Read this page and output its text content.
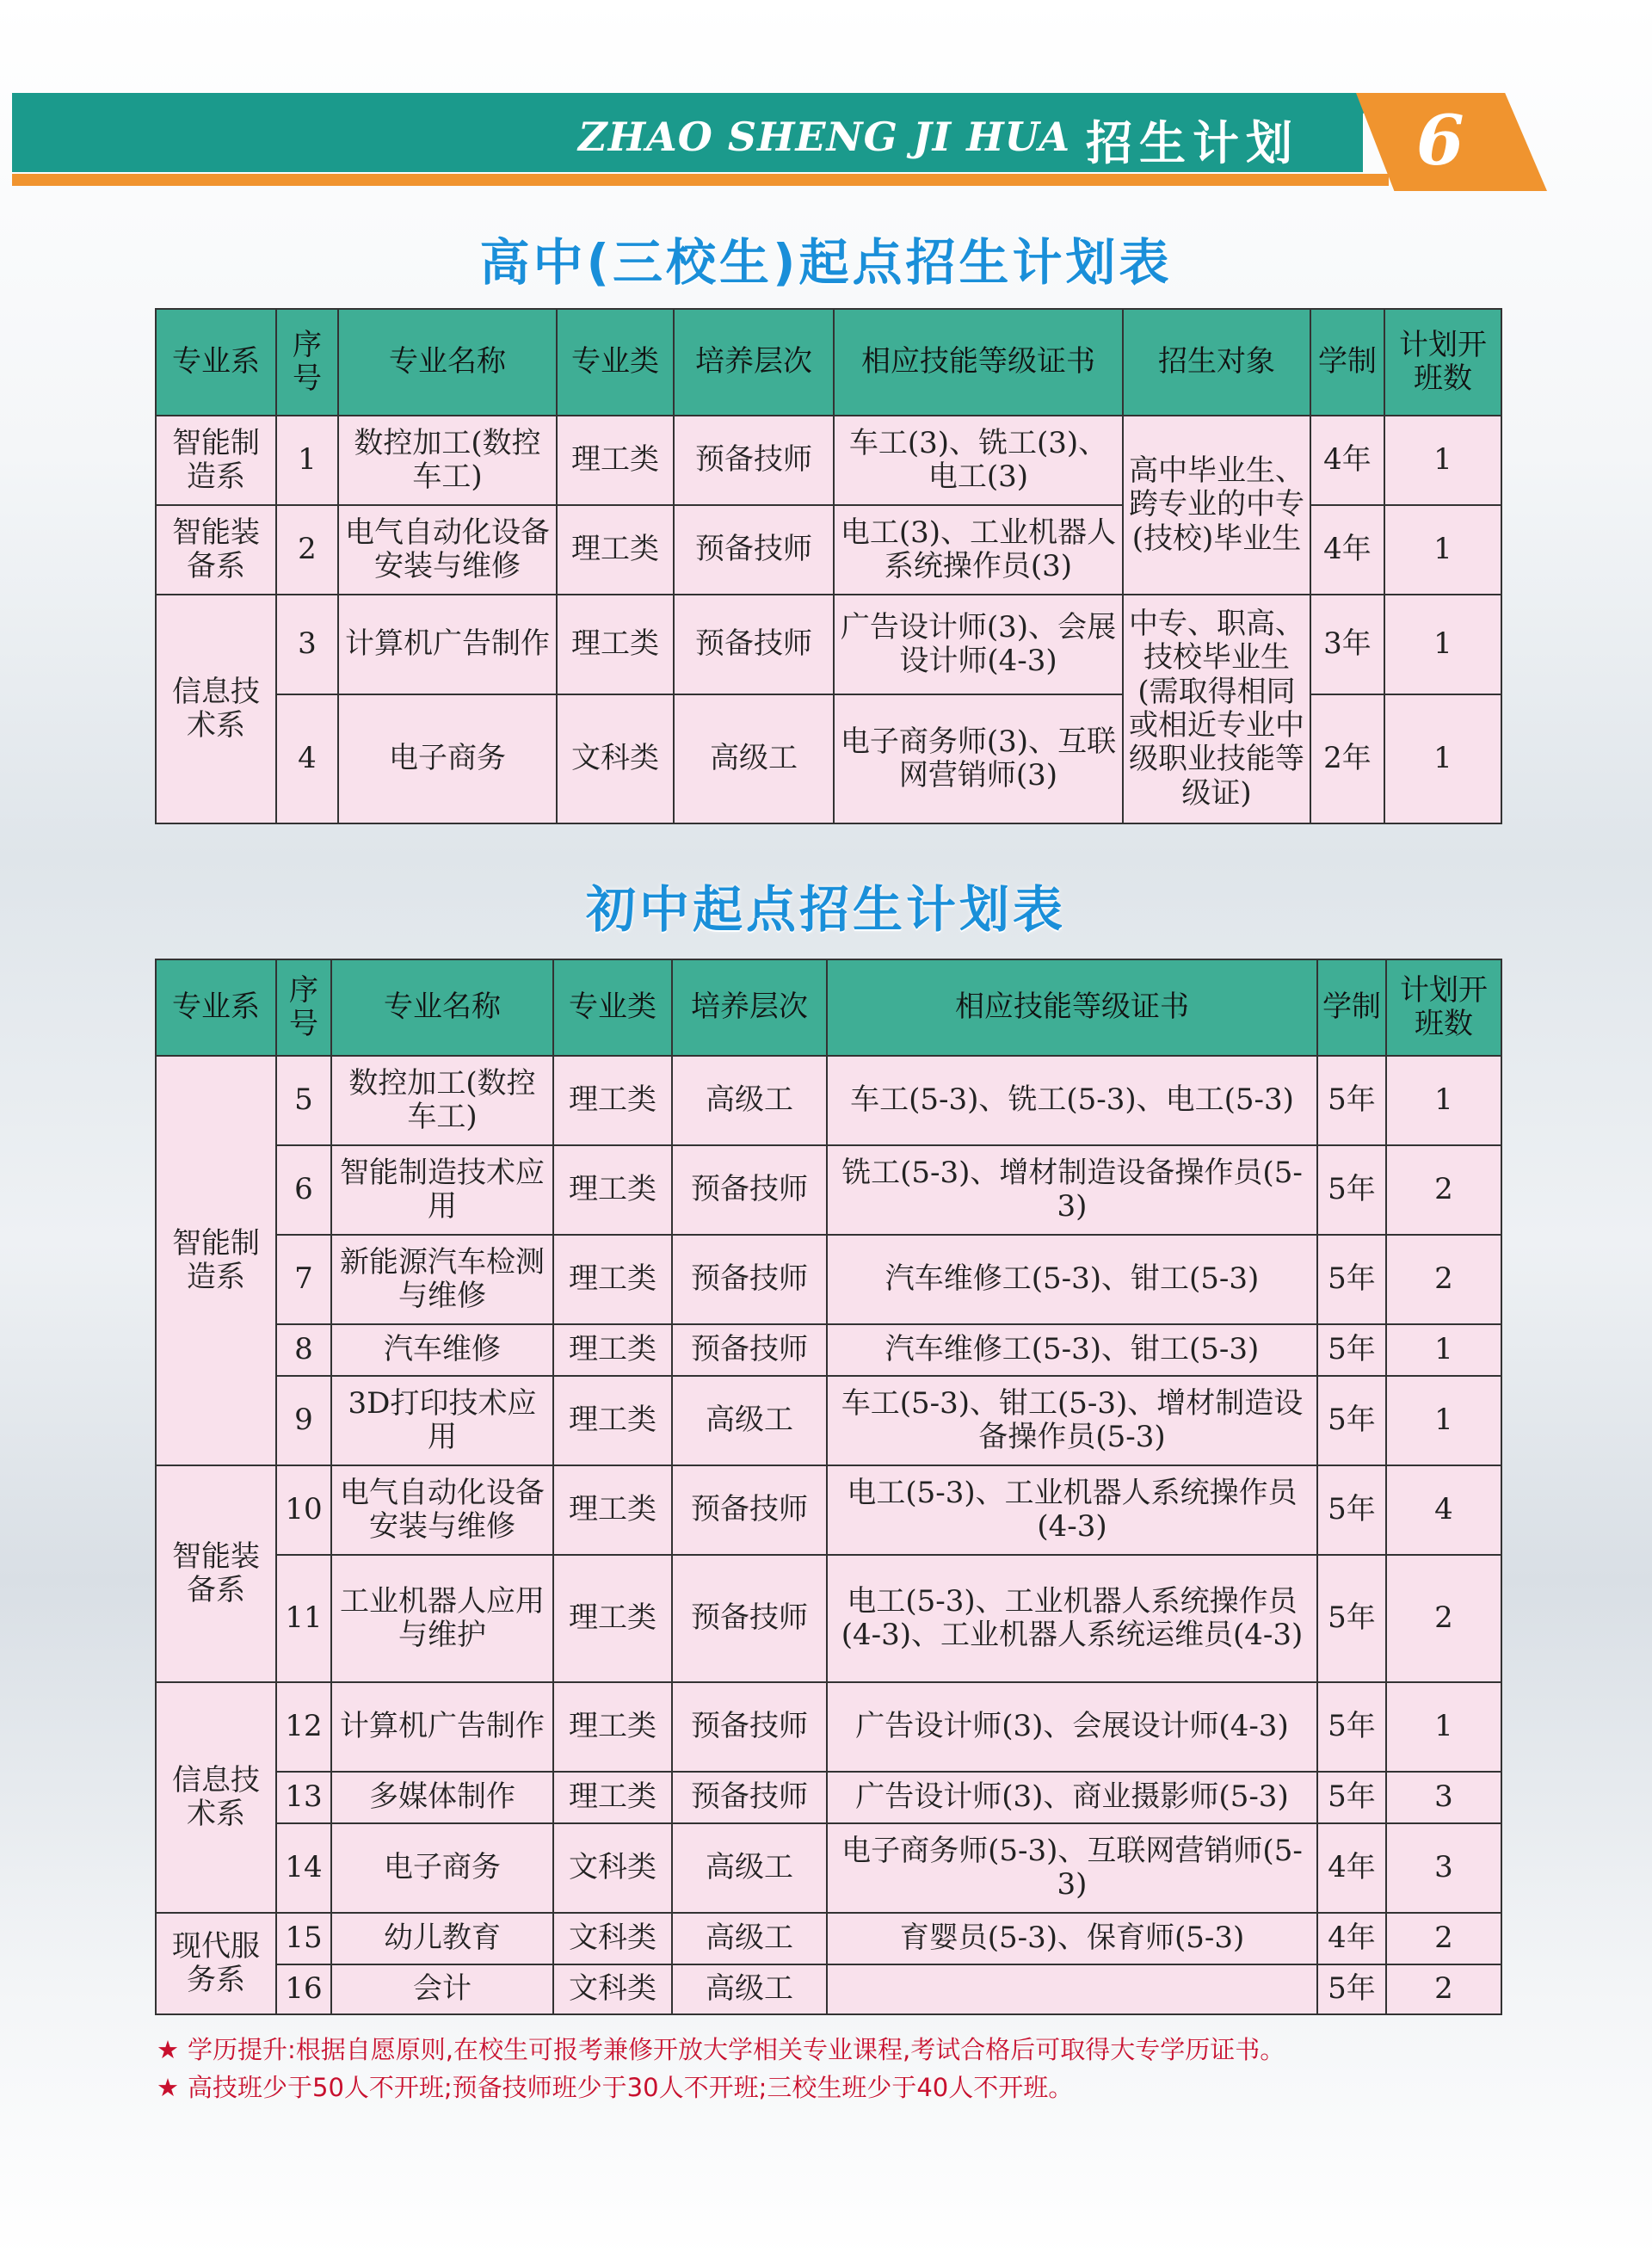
ZHAO SHENG JI HUA 招生计划 6
高中(三校生)起点招生计划表
专业系	序号	专业名称	专业类	培养层次	相应技能等级证书	招生对象	学制	计划开班数
智能制造系	1	数控加工(数控车工)	理工类	预备技师	车工(3)、铣工(3)、电工(3)	高中毕业生、跨专业的中专(技校)毕业生	4年	1
智能装备系	2	电气自动化设备安装与维修	理工类	预备技师	电工(3)、工业机器人系统操作员(3)		4年	1
信息技术系	3	计算机广告制作	理工类	预备技师	广告设计师(3)、会展设计师(4-3)	中专、职高、技校毕业生(需取得相同或相近专业中级职业技能等级证)	3年	1
	4	电子商务	文科类	高级工	电子商务师(3)、互联网营销师(3)		2年	1
初中起点招生计划表
专业系	序号	专业名称	专业类	培养层次	相应技能等级证书	学制	计划开班数
智能制造系	5	数控加工(数控车工)	理工类	高级工	车工(5-3)、铣工(5-3)、电工(5-3)	5年	1
	6	智能制造技术应用	理工类	预备技师	铣工(5-3)、增材制造设备操作员(5-3)	5年	2
	7	新能源汽车检测与维修	理工类	预备技师	汽车维修工(5-3)、钳工(5-3)	5年	2
	8	汽车维修	理工类	预备技师	汽车维修工(5-3)、钳工(5-3)	5年	1
	9	3D打印技术应用	理工类	高级工	车工(5-3)、钳工(5-3)、增材制造设备操作员(5-3)	5年	1
智能装备系	10	电气自动化设备安装与维修	理工类	预备技师	电工(5-3)、工业机器人系统操作员(4-3)	5年	4
	11	工业机器人应用与维护	理工类	预备技师	电工(5-3)、工业机器人系统操作员(4-3)、工业机器人系统运维员(4-3)	5年	2
信息技术系	12	计算机广告制作	理工类	预备技师	广告设计师(3)、会展设计师(4-3)	5年	1
	13	多媒体制作	理工类	预备技师	广告设计师(3)、商业摄影师(5-3)	5年	3
	14	电子商务	文科类	高级工	电子商务师(5-3)、互联网营销师(5-3)	4年	3
现代服务系	15	幼儿教育	文科类	高级工	育婴员(5-3)、保育师(5-3)	4年	2
	16	会计	文科类	高级工		5年	2
★ 学历提升:根据自愿原则,在校生可报考兼修开放大学相关专业课程,考试合格后可取得大专学历证书。
★ 高技班少于50人不开班;预备技师班少于30人不开班;三校生班少于40人不开班。
